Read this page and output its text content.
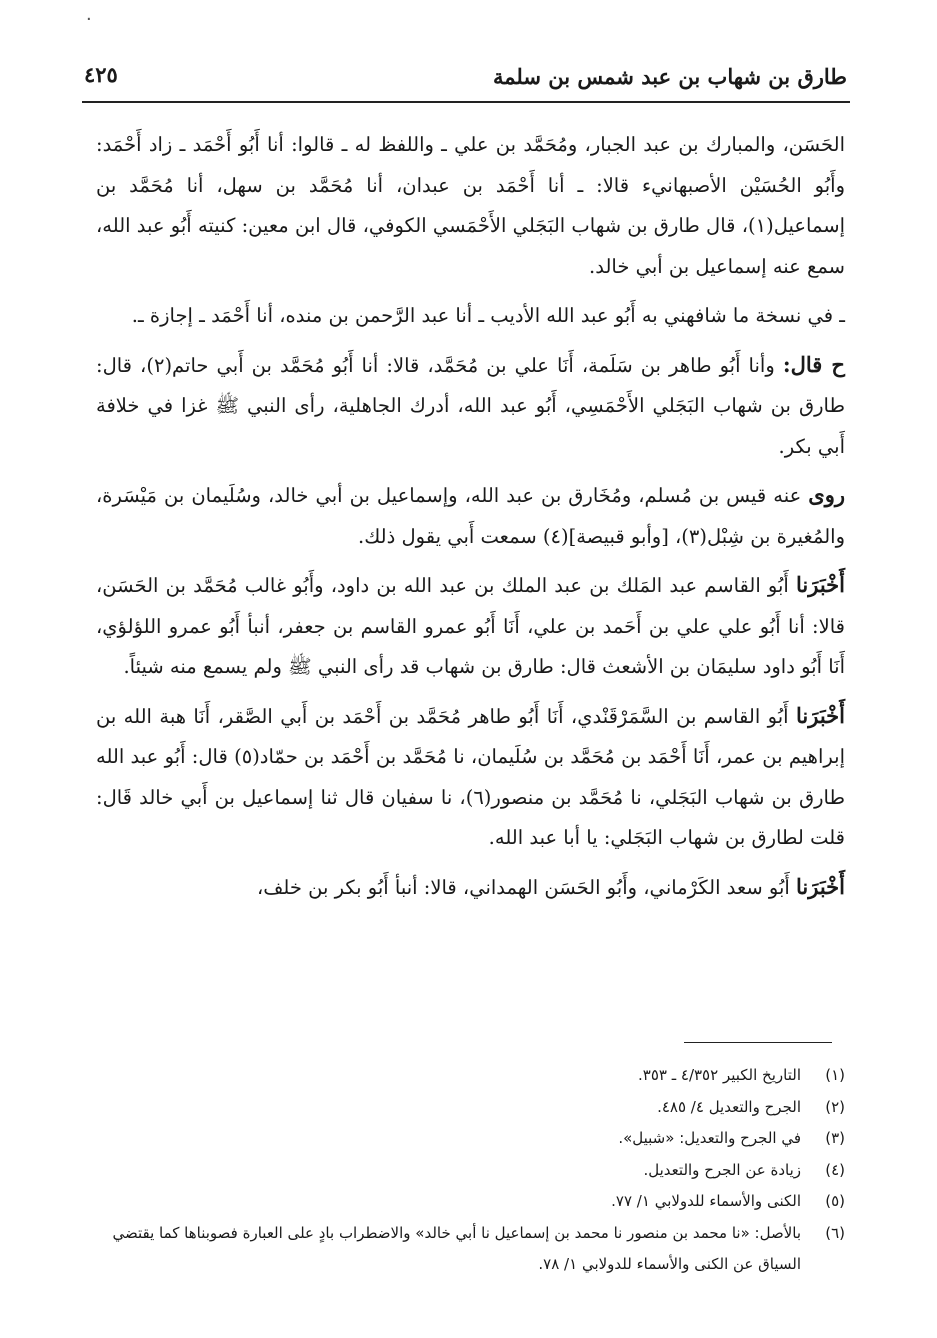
٠
طارق بن شهاب بن عبد شمس بن سلمة
٤٢٥

الحَسَن، والمبارك بن عبد الجبار، ومُحَمَّد بن علي ـ واللفظ له ـ قالوا: أنا أَبُو أَحْمَد ـ زاد أَحْمَد: وأَبُو الحُسَيْن الأصبهانيء قالا: ـ أنا أَحْمَد بن عبدان، أنا مُحَمَّد بن سهل، أنا مُحَمَّد بن إسماعيل(١)، قال طارق بن شهاب البَجَلي الأَحْمَسي الكوفي، قال ابن معين: كنيته أَبُو عبد الله، سمع عنه إسماعيل بن أبي خالد.

ـ في نسخة ما شافهني به أَبُو عبد الله الأديب ـ أنا عبد الرَّحمن بن منده، أنا أَحْمَد ـ إجازة ـ.

ح قال: وأنا أَبُو طاهر بن سَلَمة، أَنَا علي بن مُحَمَّد، قالا: أنا أَبُو مُحَمَّد بن أَبي حاتم(٢)، قال: طارق بن شهاب البَجَلي الأَحْمَسِي، أَبُو عبد الله، أدرك الجاهلية، رأى النبي ﷺ غزا في خلافة أَبي بكر.

روى عنه قيس بن مُسلم، ومُخَارق بن عبد الله، وإسماعيل بن أبي خالد، وسُلَيمان بن مَيْسَرة، والمُغيرة بن شِبْل(٣)، [وأبو قبيصة](٤) سمعت أَبي يقول ذلك.

أَخْبَرَنا أَبُو القاسم عبد المَلك بن عبد الملك بن عبد الله بن داود، وأَبُو غالب مُحَمَّد بن الحَسَن، قالا: أنا أَبُو علي علي بن أَحَمد بن علي، أَنَا أَبُو عمرو القاسم بن جعفر، أنبأ أَبُو عمرو اللؤلؤي، أَنَا أَبُو داود سليمَان بن الأشعث قال: طارق بن شهاب قد رأى النبي ﷺ ولم يسمع منه شيئاً.

أَخْبَرَنا أَبُو القاسم بن السَّمَرْقَنْدي، أَنَا أَبُو طاهر مُحَمَّد بن أَحْمَد بن أَبي الصَّقر، أَنَا هبة الله بن إبراهيم بن عمر، أَنَا أَحْمَد بن مُحَمَّد بن سُلَيمان، نا مُحَمَّد بن أَحْمَد بن حمّاد(٥) قال: أَبُو عبد الله طارق بن شهاب البَجَلي، نا مُحَمَّد بن منصور(٦)، نا سفيان قال ثنا إسماعيل بن أَبي خالد قَال: قلت لطارق بن شهاب البَجَلي: يا أبا عبد الله.

أَخْبَرَنا أَبُو سعد الكَرْماني، وأَبُو الحَسَن الهمداني، قالا: أنبأ أَبُو بكر بن خلف،

(١)
التاريخ الكبير ٤/٣٥٢ ـ ٣٥٣.
(٢)
الجرح والتعديل ٤/ ٤٨٥.
(٣)
في الجرح والتعديل: «شبيل».
(٤)
زيادة عن الجرح والتعديل.
(٥)
الكنى والأسماء للدولابي ١/ ٧٧.
(٦)
بالأصل: «نا محمد بن منصور نا محمد بن إسماعيل نا أبي خالد» والاضطراب بادٍ على العبارة فصوبناها كما يقتضي السياق عن الكنى والأسماء للدولابي ١/ ٧٨.
